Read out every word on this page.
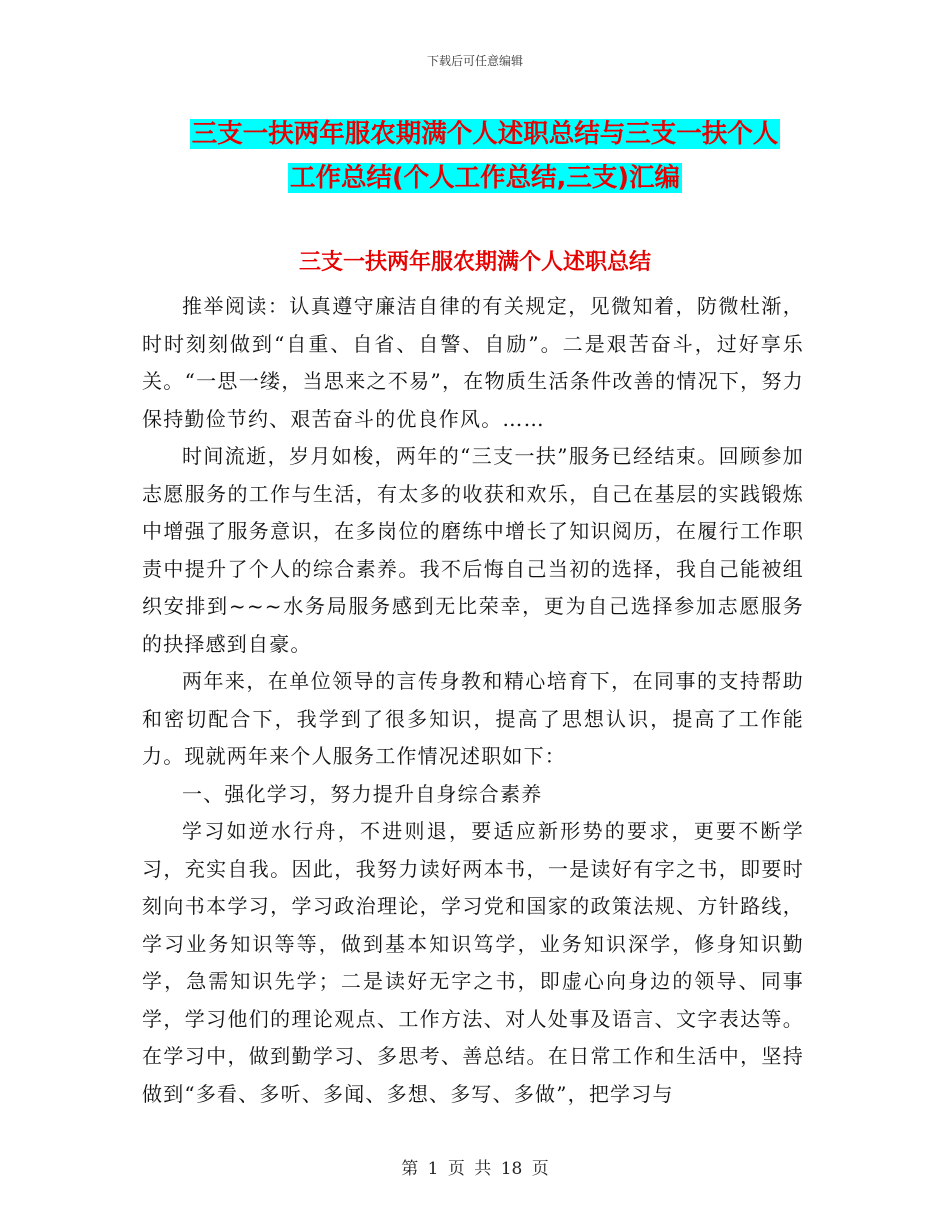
下载后可任意编辑
三支一扶两年服农期满个人述职总结与三支一扶个人
工作总结(个人工作总结,三支)汇编
三支一扶两年服农期满个人述职总结

推举阅读：认真遵守廉洁自律的有关规定，见微知着，防微杜渐，时时刻刻做到“自重、自省、自警、自励”。二是艰苦奋斗，过好享乐关。“一思一缕，当思来之不易”，在物质生活条件改善的情况下，努力保持勤俭节约、艰苦奋斗的优良作风。……

时间流逝，岁月如梭，两年的“三支一扶”服务已经结束。回顾参加志愿服务的工作与生活，有太多的收获和欢乐，自己在基层的实践锻炼中增强了服务意识，在多岗位的磨练中增长了知识阅历，在履行工作职责中提升了个人的综合素养。我不后悔自己当初的选择，我自己能被组织安排到~~~水务局服务感到无比荣幸，更为自己选择参加志愿服务的抉择感到自豪。

两年来，在单位领导的言传身教和精心培育下，在同事的支持帮助和密切配合下，我学到了很多知识，提高了思想认识，提高了工作能力。现就两年来个人服务工作情况述职如下：

一、强化学习，努力提升自身综合素养

学习如逆水行舟，不进则退，要适应新形势的要求，更要不断学习，充实自我。因此，我努力读好两本书，一是读好有字之书，即要时刻向书本学习，学习政治理论，学习党和国家的政策法规、方针路线，学习业务知识等等，做到基本知识笃学，业务知识深学，修身知识勤学，急需知识先学；二是读好无字之书，即虚心向身边的领导、同事学，学习他们的理论观点、工作方法、对人处事及语言、文字表达等。在学习中，做到勤学习、多思考、善总结。在日常工作和生活中，坚持做到“多看、多听、多闻、多想、多写、多做”，把学习与

第 1 页 共 18 页
